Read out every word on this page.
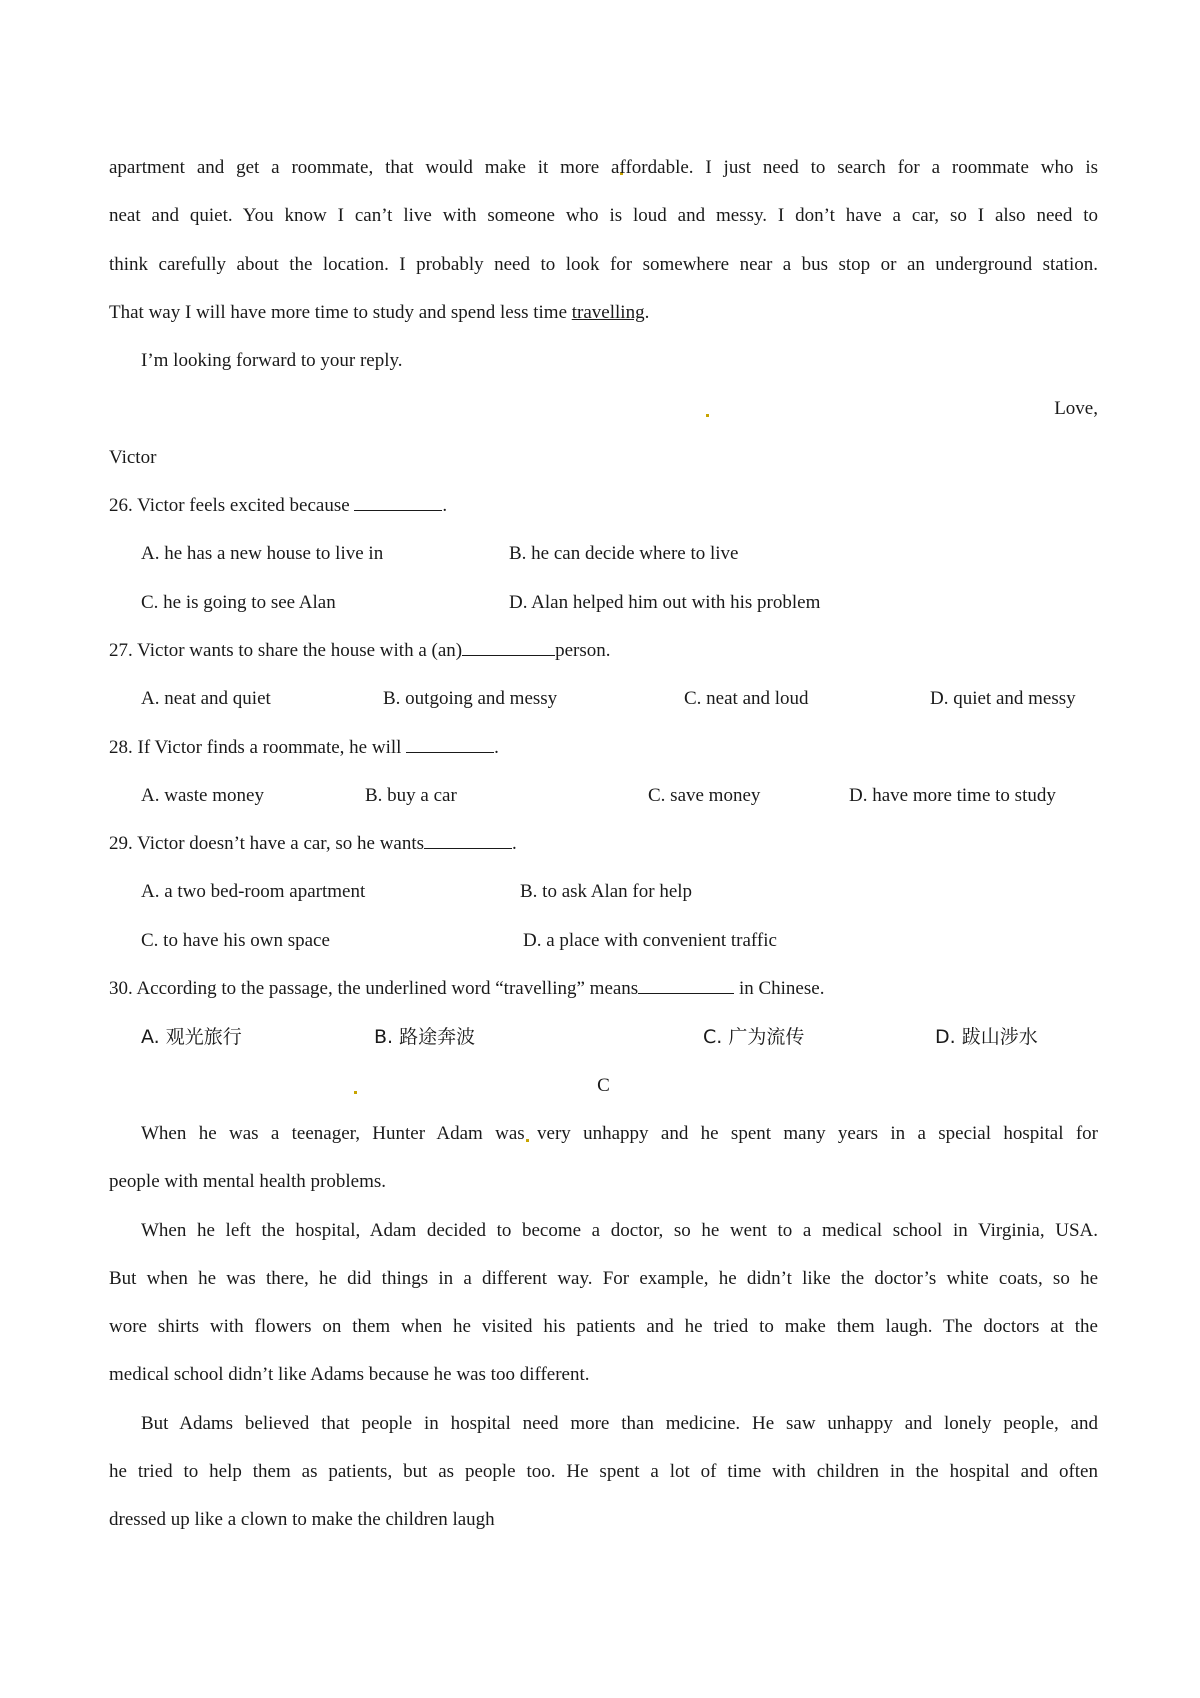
apartment and get a roommate, that would make it more affordable. I just need to search for a roommate who is
neat and quiet. You know I can’t live with someone who is loud and messy. I don’t have a car, so I also need to
think carefully about the location. I probably need to look for somewhere near a bus stop or an underground station.
That way I will have more time to study and spend less time travelling.
I’m looking forward to your reply.
Love,
Victor
26. Victor feels excited because	.
A. he has a new house to live in	B. he can decide where to live
C. he is going to see Alan	D. Alan helped him out with his problem
27. Victor wants to share the house with a (an)	person.
A. neat and quiet	B. outgoing and messy	C. neat and loud	D. quiet and messy
28. If Victor finds a roommate, he will	.
A. waste money	B. buy a car	C. save money	D. have more time to study
29. Victor doesn’t have a car, so he wants	.
A. a two bed-room apartment	B. to ask Alan for help
C. to have his own space	D. a place with convenient traffic
30. According to the passage, the underlined word “travelling” means	in Chinese.
A. 观光旅行	B. 路途奔波	C. 广为流传	D. 跋山涉水
C
When he was a teenager, Hunter Adam was very unhappy and he spent many years in a special hospital for
people with mental health problems.
When he left the hospital, Adam decided to become a doctor, so he went to a medical school in Virginia, USA.
But when he was there, he did things in a different way. For example, he didn’t like the doctor’s white coats, so he
wore shirts with flowers on them when he visited his patients and he tried to make them laugh. The doctors at the
medical school didn’t like Adams because he was too different.
But Adams believed that people in hospital need more than medicine. He saw unhappy and lonely people, and
he tried to help them as patients, but as people too. He spent a lot of time with children in the hospital and often
dressed up like a clown to make the children laugh
